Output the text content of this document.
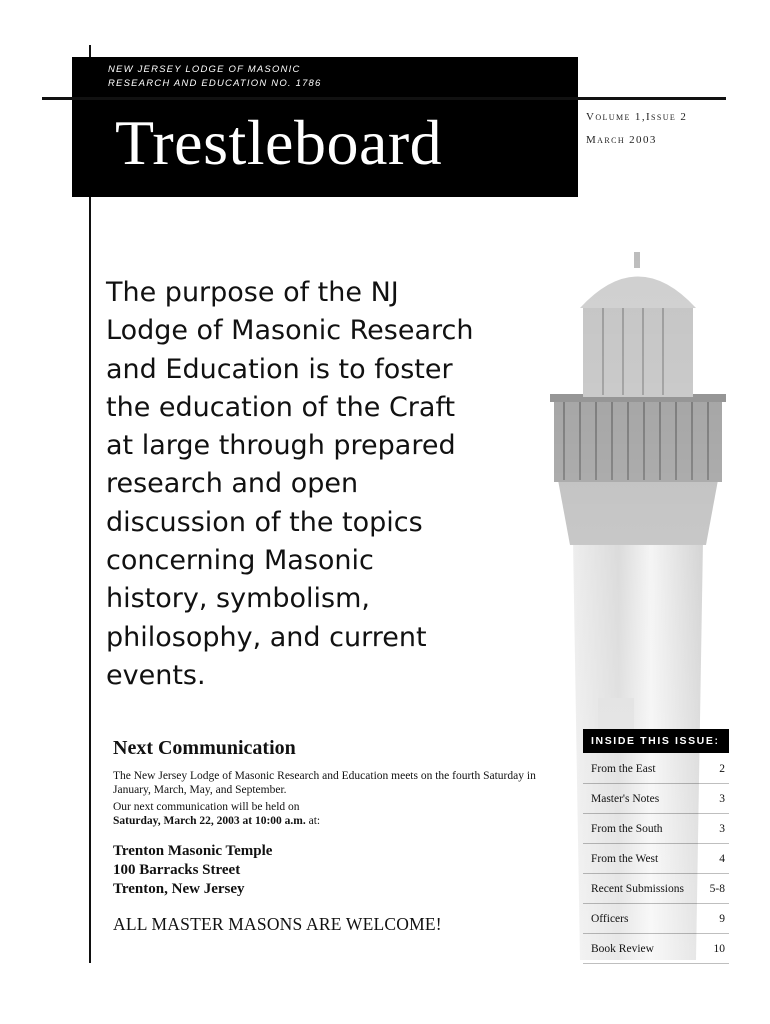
NEW JERSEY LODGE OF MASONIC
RESEARCH AND EDUCATION NO. 1786
Trestleboard	Volume 1,Issue 2
March 2003
The purpose of the NJ Lodge of Masonic Research and Education is to foster the education of the Craft at large through prepared research and open discussion of the topics concerning Masonic history, symbolism, philosophy, and current events.
Next Communication
The New Jersey Lodge of Masonic Research and Education meets on the fourth Saturday in January, March, May, and September.
Our next communication will be held on
Saturday, March 22, 2003 at 10:00 a.m. at:
Trenton Masonic Temple
100 Barracks Street
Trenton, New Jersey
ALL MASTER MASONS ARE WELCOME!
INSIDE THIS ISSUE:
From the East	2
Master's Notes	3
From the South	3
From the West	4
Recent Submissions 5-8
Officers	9
Book Review	10
